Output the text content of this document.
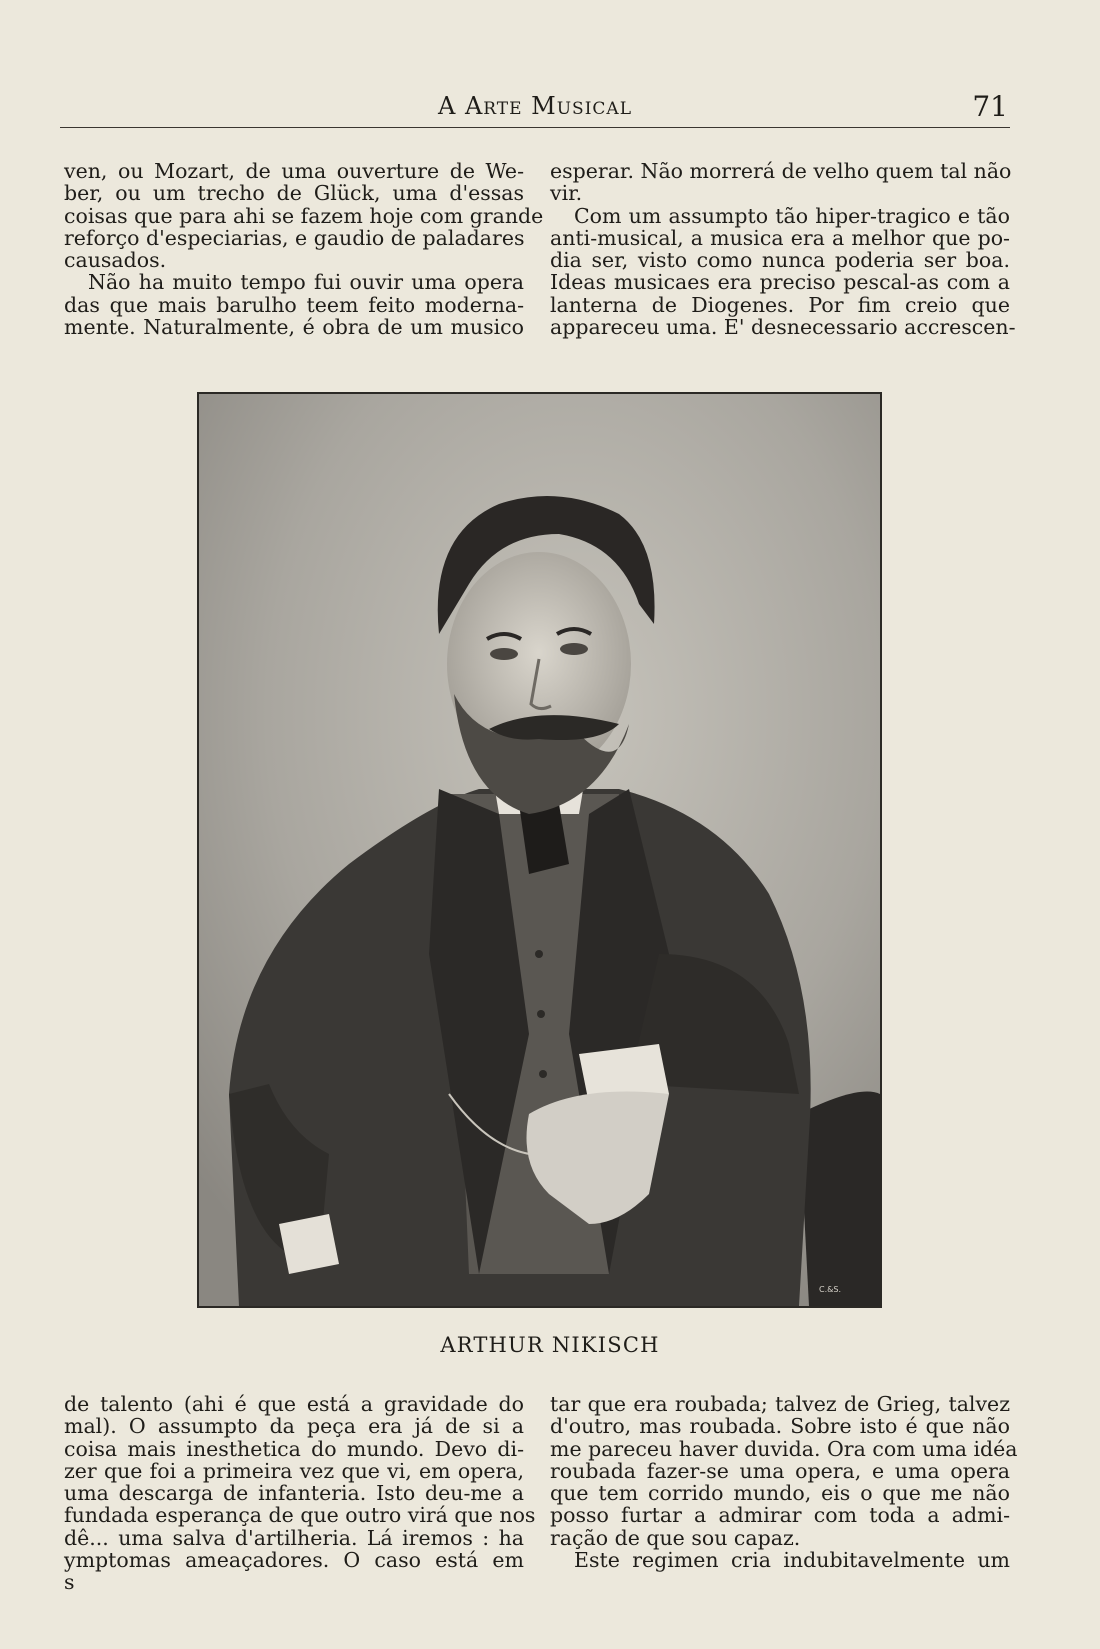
A Arte Musical	71
ven, ou Mozart, de uma ouverture de We-
ber, ou um trecho de Glück, uma d'essas
coisas que para ahi se fazem hoje com grande
reforço d'especiarias, e gaudio de paladares
causados.
Não ha muito tempo fui ouvir uma opera
das que mais barulho teem feito moderna-
mente. Naturalmente, é obra de um musico
esperar. Não morrerá de velho quem tal não
vir.
Com um assumpto tão hiper-tragico e tão
anti-musical, a musica era a melhor que po-
dia ser, visto como nunca poderia ser boa.
Ideas musicaes era preciso pescal-as com a
lanterna de Diogenes. Por fim creio que
appareceu uma. E' desnecessario accrescen-
C.&S.
ARTHUR NIKISCH
de talento (ahi é que está a gravidade do
mal). O assumpto da peça era já de si a
coisa mais inesthetica do mundo. Devo di-
zer que foi a primeira vez que vi, em opera,
uma descarga de infanteria. Isto deu-me a
fundada esperança de que outro virá que nos
dê... uma salva d'artilheria. Lá iremos : ha
ymptomas ameaçadores. O caso está em
s
tar que era roubada; talvez de Grieg, talvez
d'outro, mas roubada. Sobre isto é que não
me pareceu haver duvida. Ora com uma idéa
roubada fazer-se uma opera, e uma opera
que tem corrido mundo, eis o que me não
posso furtar a admirar com toda a admi-
ração de que sou capaz.
Este regimen cria indubitavelmente um
